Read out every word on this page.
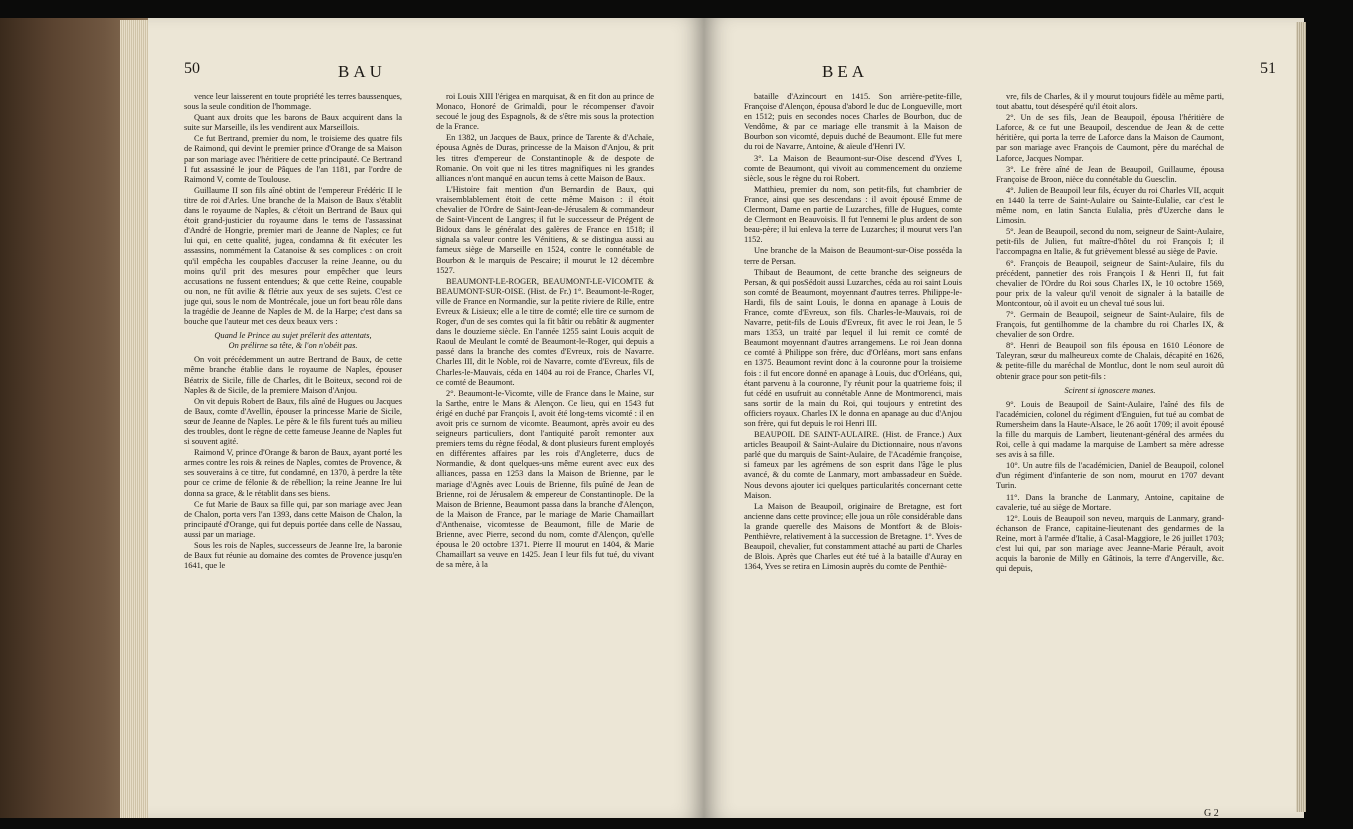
50	BAU

vence leur laisserent en toute propriété les terres baussenques, sous la seule condition de l'hommage.

Quant aux droits que les barons de Baux acquirent dans la suite sur Marseille, ils les vendirent aux Marseillois.

Ce fut Bertrand, premier du nom, le troisieme des quatre fils de Raimond, qui devint le premier prince d'Orange de sa Maison par son mariage avec l'héritiere de cette principauté. Ce Bertrand I fut assassiné le jour de Pâques de l'an 1181, par l'ordre de Raimond V, comte de Toulouse.

Guillaume II son fils aîné obtint de l'empereur Frédéric II le titre de roi d'Arles. Une branche de la Maison de Baux s'établit dans le royaume de Naples, & c'étoit un Bertrand de Baux qui étoit grand-justicier du royaume dans le tems de l'assassinat d'André de Hongrie, premier mari de Jeanne de Naples; ce fut lui qui, en cette qualité, jugea, condamna & fit exécuter les assassins, nommément la Catanoise & ses complices : on croit qu'il empêcha les coupables d'accuser la reine Jeanne, ou du moins qu'il prit des mesures pour empêcher que leurs accusations ne fussent entendues; & que cette Reine, coupable ou non, ne fût avilie & flétrie aux yeux de ses sujets. C'est ce juge qui, sous le nom de Montrécale, joue un fort beau rôle dans la tragédie de Jeanne de Naples de M. de la Harpe; c'est dans sa bouche que l'auteur met ces deux beaux vers :

Quand le Prince au sujet prélerit des attentats,
On prélirne sa tête, & l'on n'obéit pas.

On voit précédemment un autre Bertrand de Baux, de cette même branche établie dans le royaume de Naples, épouser Béatrix de Sicile, fille de Charles, dit le Boiteux, second roi de Naples & de Sicile, de la premiere Maison d'Anjou.

On vit depuis Robert de Baux, fils aîné de Hugues ou Jacques de Baux, comte d'Avellin, épouser la princesse Marie de Sicile, sœur de Jeanne de Naples. Le père & le fils furent tués au milieu des troubles, dont le règne de cette fameuse Jeanne de Naples fut si souvent agité.

Raimond V, prince d'Orange & baron de Baux, ayant porté les armes contre les rois & reines de Naples, comtes de Provence, & ses souverains à ce titre, fut condamné, en 1370, à perdre la tête pour ce crime de félonie & de rébellion; la reine Jeanne Ire lui donna sa grace, & le rétablit dans ses biens.

Ce fut Marie de Baux sa fille qui, par son mariage avec Jean de Chalon, porta vers l'an 1393, dans cette Maison de Chalon, la principauté d'Orange, qui fut depuis portée dans celle de Nassau, aussi par un mariage.

Sous les rois de Naples, successeurs de Jeanne Ire, la baronie de Baux fut réunie au domaine des comtes de Provence jusqu'en 1641, que le

roi Louis XIII l'érigea en marquisat, & en fit don au prince de Monaco, Honoré de Grimaldi, pour le récompenser d'avoir secoué le joug des Espagnols, & de s'être mis sous la protection de la France.

En 1382, un Jacques de Baux, prince de Tarente & d'Achaïe, épousa Agnès de Duras, princesse de la Maison d'Anjou, & prit les titres d'empereur de Constantinople & de despote de Romanie. On voit que ni les titres magnifiques ni les grandes alliances n'ont manqué en aucun tems à cette Maison de Baux.

L'Histoire fait mention d'un Bernardin de Baux, qui vraisemblablement étoit de cette même Maison : il étoit chevalier de l'Ordre de Saint-Jean-de-Jérusalem & commandeur de Saint-Vincent de Langres; il fut le successeur de Prégent de Bidoux dans le généralat des galères de France en 1518; il signala sa valeur contre les Vénitiens, & se distingua aussi au fameux siège de Marseille en 1524, contre le connétable de Bourbon & le marquis de Pescaire; il mourut le 12 décembre 1527.

BEAUMONT-LE-ROGER, BEAUMONT-LE-VICOMTE & BEAUMONT-SUR-OISE. (Hist. de Fr.) 1°. Beaumont-le-Roger, ville de France en Normandie, sur la petite riviere de Rille, entre Evreux & Lisieux; elle a le titre de comté; elle tire ce surnom de Roger, d'un de ses comtes qui la fit bâtir ou rebâtir & augmenter dans le douzieme siècle. En l'année 1255 saint Louis acquit de Raoul de Meulant le comté de Beaumont-le-Roger, qui depuis a passé dans la branche des comtes d'Evreux, rois de Navarre. Charles III, dit le Noble, roi de Navarre, comte d'Evreux, fils de Charles-le-Mauvais, céda en 1404 au roi de France, Charles VI, ce comté de Beaumont.

2°. Beaumont-le-Vicomte, ville de France dans le Maine, sur la Sarthe, entre le Mans & Alençon. Ce lieu, qui en 1543 fut érigé en duché par François I, avoit été long-tems vicomté : il en avoit pris ce surnom de vicomte. Beaumont, après avoir eu des seigneurs particuliers, dont l'antiquité paroît remonter aux premiers tems du règne féodal, & dont plusieurs furent employés en différentes affaires par les rois d'Angleterre, ducs de Normandie, & dont quelques-uns même eurent avec eux des alliances, passa en 1253 dans la Maison de Brienne, par le mariage d'Agnès avec Louis de Brienne, fils puîné de Jean de Brienne, roi de Jérusalem & empereur de Constantinople. De la Maison de Brienne, Beaumont passa dans la branche d'Alençon, de la Maison de France, par le mariage de Marie Chamaillart d'Anthenaise, vicomtesse de Beaumont, fille de Marie de Brienne, avec Pierre, second du nom, comte d'Alençon, qu'elle épousa le 20 octobre 1371. Pierre II mourut en 1404, & Marie Chamaillart sa veuve en 1425. Jean I leur fils fut tué, du vivant de sa mère, à la

BEA	51

bataille d'Azincourt en 1415. Son arrière-petite-fille, Françoise d'Alençon, épousa d'abord le duc de Longueville, mort en 1512; puis en secondes noces Charles de Bourbon, duc de Vendôme, & par ce mariage elle transmit à la Maison de Bourbon son vicomté, depuis duché de Beaumont. Elle fut mere du roi de Navarre, Antoine, & aïeule d'Henri IV.

3°. La Maison de Beaumont-sur-Oise descend d'Yves I, comte de Beaumont, qui vivoit au commencement du onzieme siècle, sous le règne du roi Robert.

Matthieu, premier du nom, son petit-fils, fut chambrier de France, ainsi que ses descendans : il avoit épousé Emme de Clermont, Dame en partie de Luzarches, fille de Hugues, comte de Clermont en Beauvoisis. Il fut l'ennemi le plus ardent de son beau-père; il lui enleva la terre de Luzarches; il mourut vers l'an 1152.

Une branche de la Maison de Beaumont-sur-Oise posséda la terre de Persan.

Thibaut de Beaumont, de cette branche des seigneurs de Persan, & qui posSédoit aussi Luzarches, céda au roi saint Louis son comté de Beaumont, moyennant d'autres terres. Philippe-le-Hardi, fils de saint Louis, le donna en apanage à Louis de France, comte d'Evreux, son fils. Charles-le-Mauvais, roi de Navarre, petit-fils de Louis d'Evreux, fit avec le roi Jean, le 5 mars 1353, un traité par lequel il lui remit ce comté de Beaumont moyennant d'autres arrangemens. Le roi Jean donna ce comté à Philippe son frère, duc d'Orléans, mort sans enfans en 1375. Beaumont revint donc à la couronne pour la troisieme fois : il fut encore donné en apanage à Louis, duc d'Orléans, qui, étant parvenu à la couronne, l'y réunit pour la quatrieme fois; il fut cédé en usufruit au connétable Anne de Montmorenci, mais sans sortir de la main du Roi, qui toujours y entretint des officiers royaux. Charles IX le donna en apanage au duc d'Anjou son frère, qui fut depuis le roi Henri III.

BEAUPOIL DE SAINT-AULAIRE. (Hist. de France.) Aux articles Beaupoil & Saint-Aulaire du Dictionnaire, nous n'avons parlé que du marquis de Saint-Aulaire, de l'Académie françoise, si fameux par les agrémens de son esprit dans l'âge le plus avancé, & du comte de Lanmary, mort ambassadeur en Suède. Nous devons ajouter ici quelques particularités concernant cette Maison.

La Maison de Beaupoil, originaire de Bretagne, est fort ancienne dans cette province; elle joua un rôle considérable dans la grande querelle des Maisons de Montfort & de Blois-Penthièvre, relativement à la succession de Bretagne. 1°. Yves de Beaupoil, chevalier, fut constamment attaché au parti de Charles de Blois. Après que Charles eut été tué à la bataille d'Auray en 1364, Yves se retira en Limosin auprès du comte de Penthiè-

vre, fils de Charles, & il y mourut toujours fidèle au même parti, tout abattu, tout désespéré qu'il étoit alors.

2°. Un de ses fils, Jean de Beaupoil, épousa l'héritière de Laforce, & ce fut une Beaupoil, descendue de Jean & de cette héritière, qui porta la terre de Laforce dans la Maison de Caumont, par son mariage avec François de Caumont, père du maréchal de Laforce, Jacques Nompar.

3°. Le frère aîné de Jean de Beaupoil, Guillaume, épousa Françoise de Broon, nièce du connétable du Guesclin.

4°. Julien de Beaupoil leur fils, écuyer du roi Charles VII, acquit en 1440 la terre de Saint-Aulaire ou Sainte-Eulalie, car c'est le même nom, en latin Sancta Eulalia, près d'Uzerche dans le Limosin.

5°. Jean de Beaupoil, second du nom, seigneur de Saint-Aulaire, petit-fils de Julien, fut maître-d'hôtel du roi François I; il l'accompagna en Italie, & fut grièvement blessé au siège de Pavie.

6°. François de Beaupoil, seigneur de Saint-Aulaire, fils du précédent, pannetier des rois François I & Henri II, fut fait chevalier de l'Ordre du Roi sous Charles IX, le 10 octobre 1569, pour prix de la valeur qu'il venoit de signaler à la bataille de Montcontour, où il avoit eu un cheval tué sous lui.

7°. Germain de Beaupoil, seigneur de Saint-Aulaire, fils de François, fut gentilhomme de la chambre du roi Charles IX, & chevalier de son Ordre.

8°. Henri de Beaupoil son fils épousa en 1610 Léonore de Taleyran, sœur du malheureux comte de Chalais, décapité en 1626, & petite-fille du maréchal de Montluc, dont le nom seul auroit dû obtenir grace pour son petit-fils :

Scirent si ignoscere manes.

9°. Louis de Beaupoil de Saint-Aulaire, l'aîné des fils de l'académicien, colonel du régiment d'Enguien, fut tué au combat de Rumersheim dans la Haute-Alsace, le 26 août 1709; il avoit épousé la fille du marquis de Lambert, lieutenant-général des armées du Roi, celle à qui madame la marquise de Lambert sa mère adresse ses avis à sa fille.

10°. Un autre fils de l'académicien, Daniel de Beaupoil, colonel d'un régiment d'infanterie de son nom, mourut en 1707 devant Turin.

11°. Dans la branche de Lanmary, Antoine, capitaine de cavalerie, tué au siège de Mortare.

12°. Louis de Beaupoil son neveu, marquis de Lanmary, grand-échanson de France, capitaine-lieutenant des gendarmes de la Reine, mort à l'armée d'Italie, à Casal-Maggiore, le 26 juillet 1703; c'est lui qui, par son mariage avec Jeanne-Marie Pérault, avoit acquis la baronie de Milly en Gâtinois, la terre d'Angerville, &c. qui depuis,

G 2
